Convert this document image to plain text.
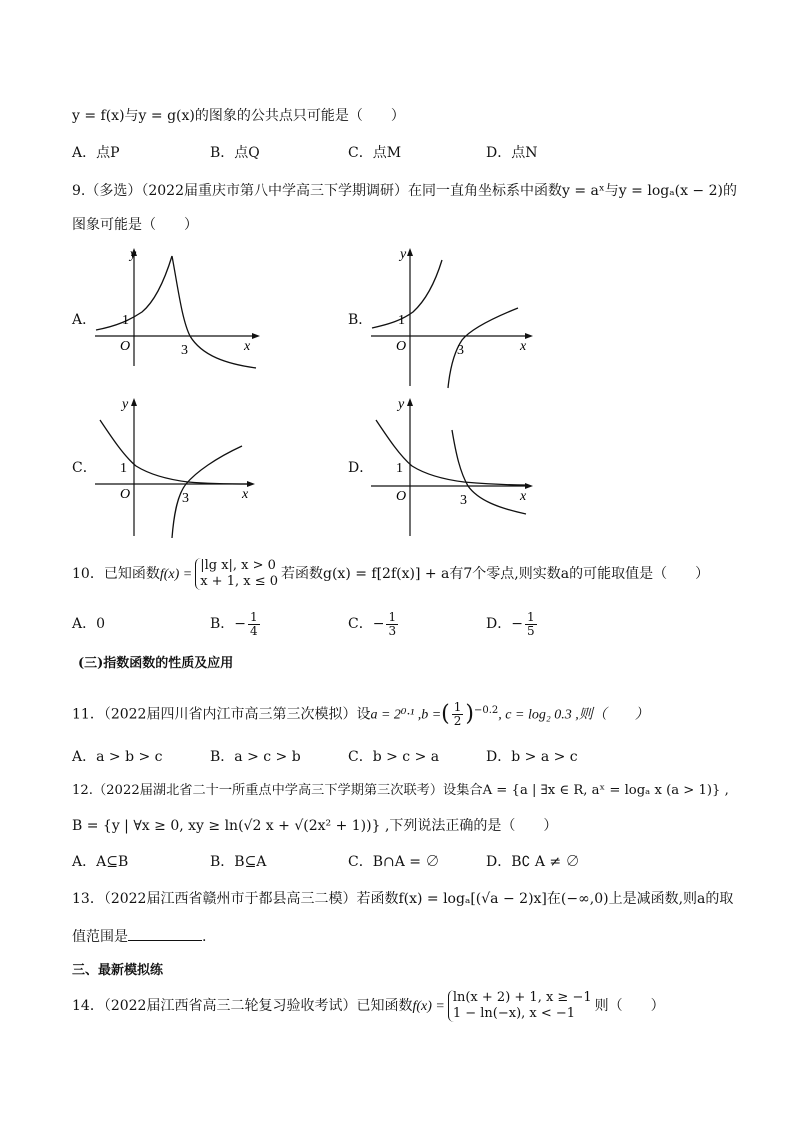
y = f(x)与y = g(x)的图象的公共点只可能是（　　）
A．点P	B．点Q	C．点M	D．点N
9.（多选）（2022届重庆市第八中学高三下学期调研）在同一直角坐标系中函数y = aˣ与y = logₐ(x − 2)的
图象可能是（　　）
A．
y
x
O
1
3
B．
y
x
O
1
3
C．
y
x
O
1
3
D．
y
x
O
1
3
10．已知函数f(x) =
|lg x|, x > 0
x + 1, x ≤ 0 若函数g(x) = f[2f(x)] + a有7个零点,则实数a的可能取值是（　　）
A．0	B．− $\frac{1}{4}$	C．− $\frac{1}{3}$	D．− $\frac{1}{5}$
(三)指数函数的性质及应用
11．（2022届四川省内江市高三第三次模拟）设a = 2⁰·¹ ,b =( $\frac{1}{2} )^{-0.2}$, c = log₂ 0.3 ,则（　　）
A．a > b > c	B．a > c > b	C．b > c > a	D．b > a > c
12.（2022届湖北省二十一所重点中学高三下学期第三次联考）设集合A = {a | ∃x ∈ R, aˣ = logₐ x (a > 1)} ,
B = {y | ∀x ≥ 0, xy ≥ ln(√2 x + √(2x² + 1))} ,下列说法正确的是（　　）
A．A⊆B	B．B⊆A	C．B∩A = ∅	D．B∁ A ≠ ∅
13．（2022届江西省赣州市于都县高三二模）若函数f(x) = logₐ[(√a − 2)x]在(−∞,0)上是减函数,则a的取
值范围是	.
三、最新模拟练
14．（2022届江西省高三二轮复习验收考试）已知函数f(x) =
ln(x + 2) + 1, x ≥ −1
1 − ln(−x), x < −1	则（　　）
